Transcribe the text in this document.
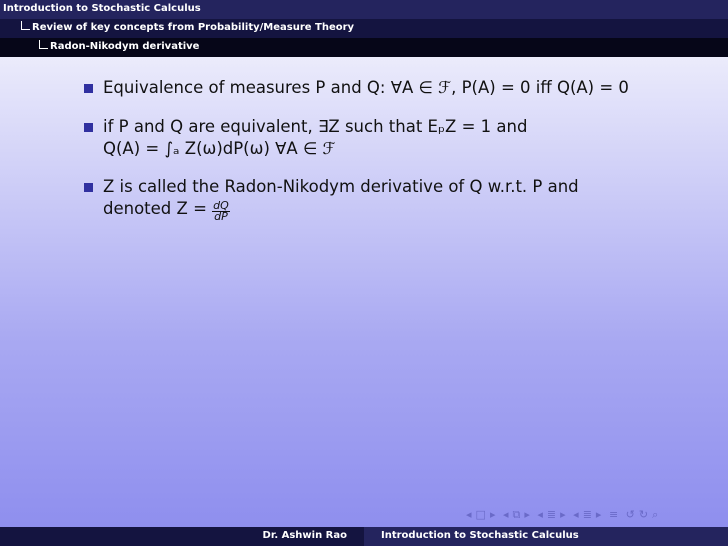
Introduction to Stochastic Calculus
Review of key concepts from Probability/Measure Theory
Radon-Nikodym derivative
Equivalence of measures P and Q: ∀A ∈ ℱ, P(A) = 0 iff Q(A) = 0
if P and Q are equivalent, ∃Z such that EₚZ = 1 and
Q(A) = ∫ₐ Z(ω)dP(ω) ∀A ∈ ℱ
Z is called the Radon-Nikodym derivative of Q w.r.t. P and
denoted $Z = \frac{dQ}{dP}$
◂ □ ▸ ◂ ⧉ ▸ ◂ ≣ ▸ ◂ ≣ ▸ ≡ ↺ ↻ ⌕
Dr. Ashwin Rao	Introduction to Stochastic Calculus
